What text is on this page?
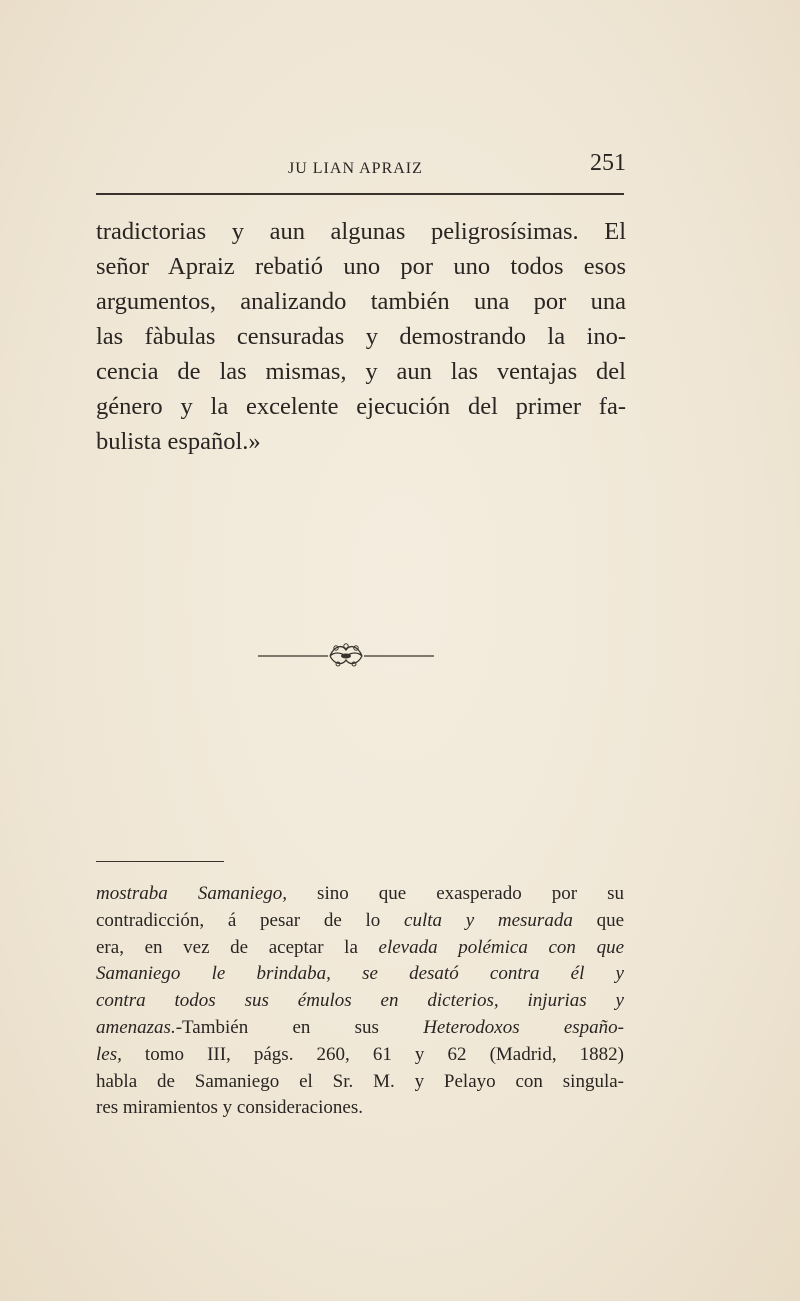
JU LIAN APRAIZ	251
tradictorias y aun algunas peligrosísimas. El
señor Apraiz rebatió uno por uno todos esos
argumentos, analizando también una por una
las fàbulas censuradas y demostrando la ino-
cencia de las mismas, y aun las ventajas del
género y la excelente ejecución del primer fa-
bulista español.»
mostraba Samaniego, sino que exasperado por su
contradicción, á pesar de lo culta y mesurada que
era, en vez de aceptar la elevada polémica con que
Samaniego le brindaba, se desató contra él y
contra todos sus émulos en dicterios, injurias y
amenazas.-También en sus Heterodoxos españo-
les, tomo III, págs. 260, 61 y 62 (Madrid, 1882)
habla de Samaniego el Sr. M. y Pelayo con singula-
res miramientos y consideraciones.
